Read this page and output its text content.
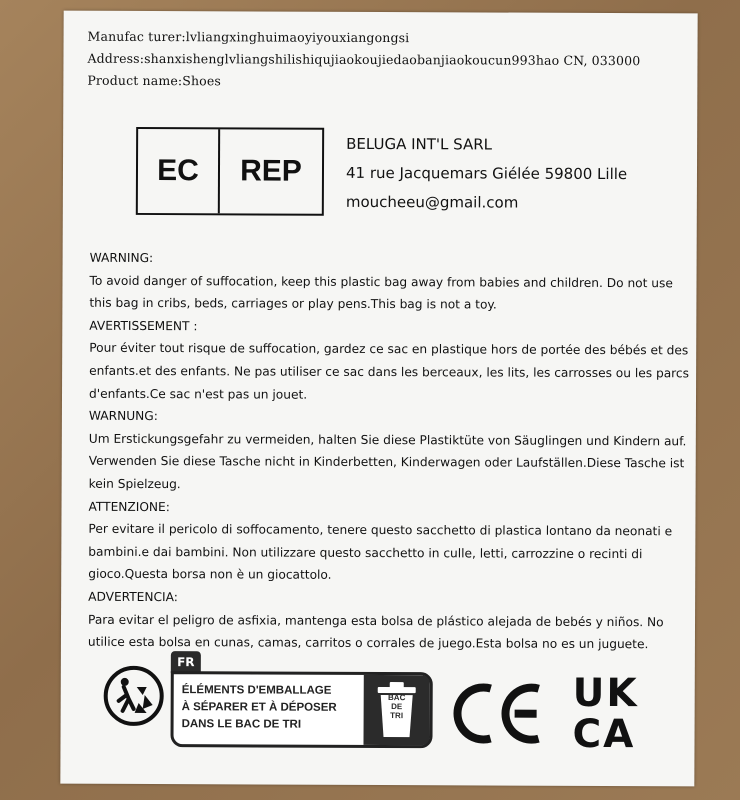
Manufac turer:lvliangxinghuimaoyiyouxiangongsi
Address:shanxishenglvliangshilishiqujiaokoujiedaobanjiaokoucun993hao CN, 033000
Product name:Shoes
EC	REP
BELUGA INT'L SARL
41 rue Jacquemars Giélée 59800 Lille
moucheeu@gmail.com

WARNING:

To avoid danger of suffocation, keep this plastic bag away from babies and children. Do not use this bag in cribs, beds, carriages or play pens.This bag is not a toy.

AVERTISSEMENT :

Pour éviter tout risque de suffocation, gardez ce sac en plastique hors de portée des bébés et des enfants.et des enfants. Ne pas utiliser ce sac dans les berceaux, les lits, les carrosses ou les parcs d'enfants.Ce sac n'est pas un jouet.

WARNUNG:

Um Erstickungsgefahr zu vermeiden, halten Sie diese Plastiktüte von Säuglingen und Kindern auf. Verwenden Sie diese Tasche nicht in Kinderbetten, Kinderwagen oder Laufställen.Diese Tasche ist kein Spielzeug.

ATTENZIONE:

Per evitare il pericolo di soffocamento, tenere questo sacchetto di plastica lontano da neonati e bambini.e dai bambini. Non utilizzare questo sacchetto in culle, letti, carrozzine o recinti di gioco.Questa borsa non è un giocattolo.

ADVERTENCIA:

Para evitar el peligro de asfixia, mantenga esta bolsa de plástico alejada de bebés y niños. No utilice esta bolsa en cunas, camas, carritos o corrales de juego.Esta bolsa no es un juguete.

FR
ÉLÉMENTS D'EMBALLAGE
À SÉPARER ET À DÉPOSER
DANS LE BAC DE TRI
BAC
DE
TRI	UK
CA
